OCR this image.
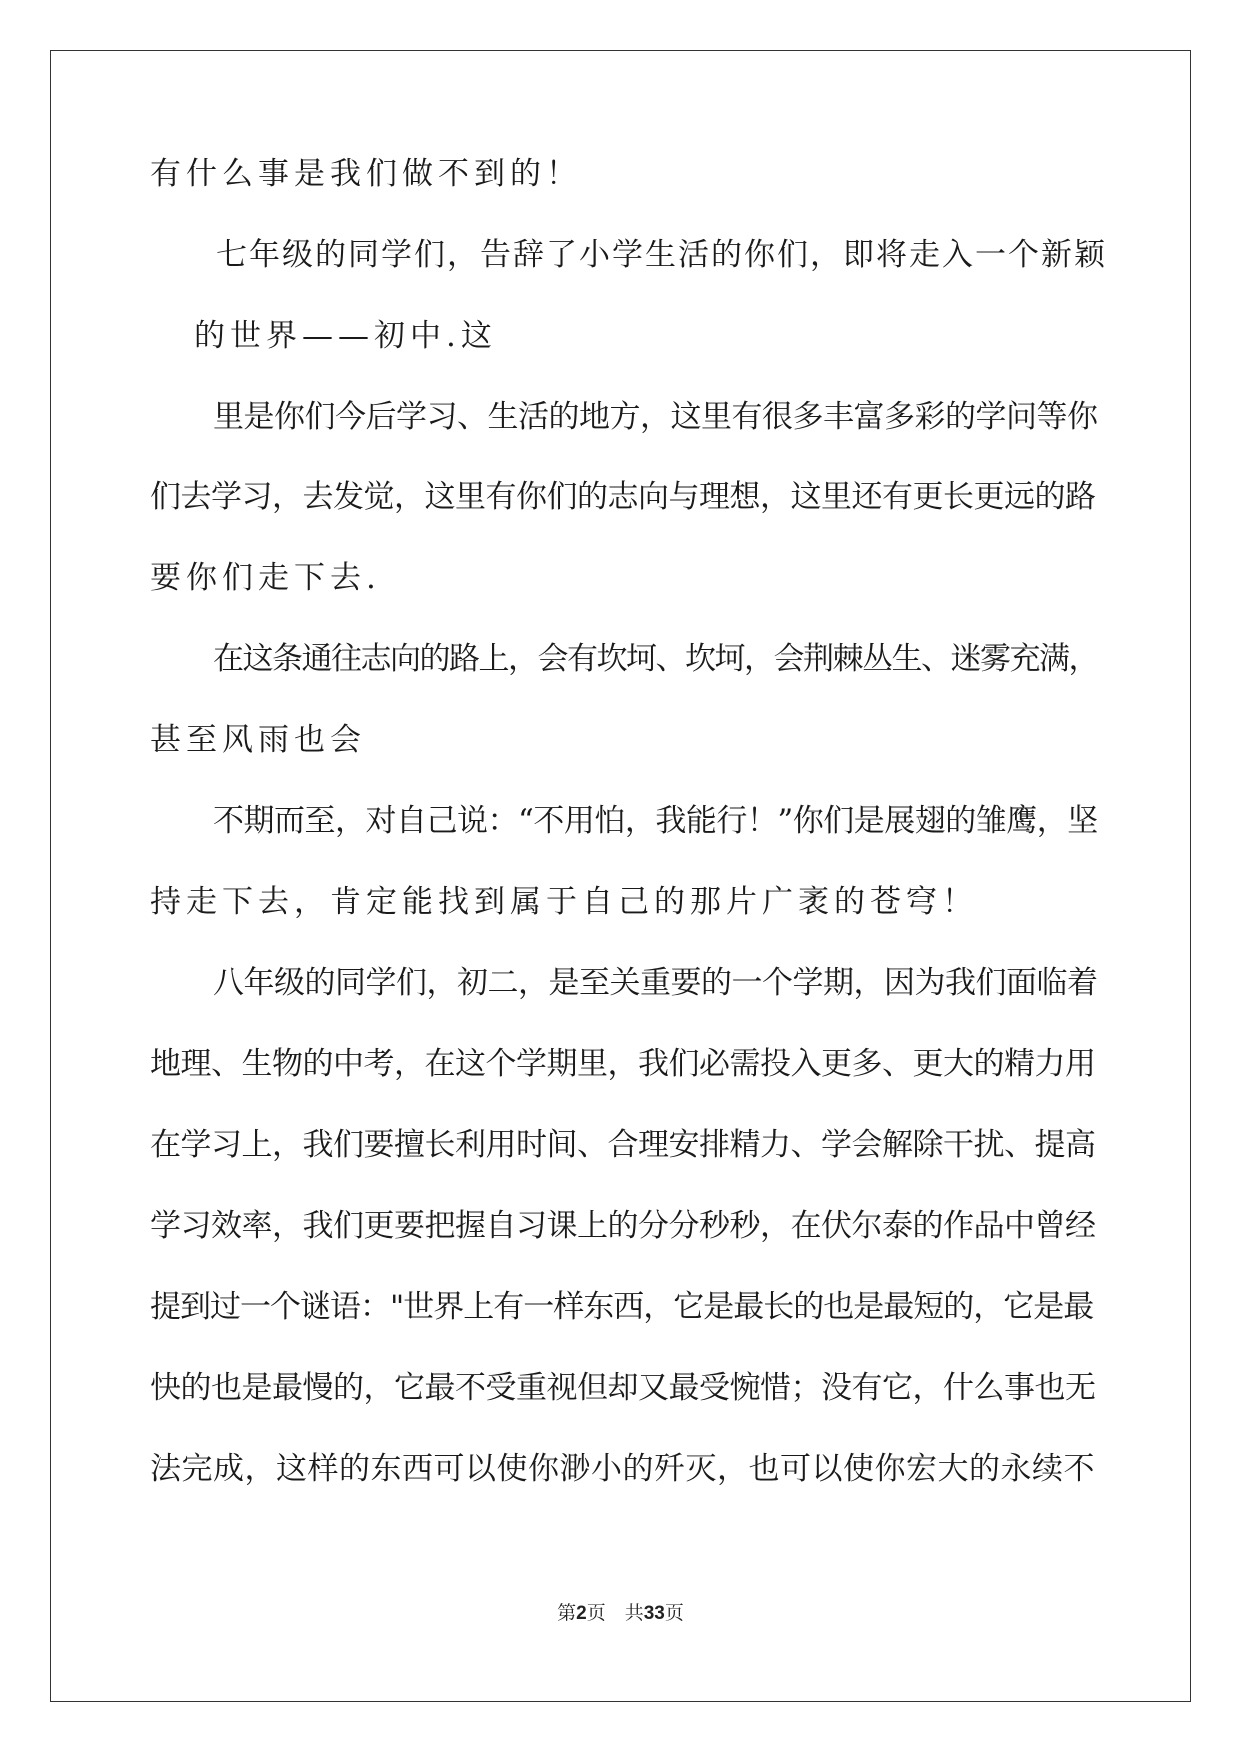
有什么事是我们做不到的！
七年级的同学们，告辞了小学生活的你们，即将走入一个新颖
的世界——初中.这
里是你们今后学习、生活的地方，这里有很多丰富多彩的学问等你
们去学习，去发觉，这里有你们的志向与理想，这里还有更长更远的路
要你们走下去.
在这条通往志向的路上，会有坎坷、坎坷，会荆棘丛生、迷雾充满，
甚至风雨也会
不期而至，对自己说：“不用怕，我能行！”你们是展翅的雏鹰，坚
持走下去，肯定能找到属于自己的那片广袤的苍穹！
八年级的同学们，初二，是至关重要的一个学期，因为我们面临着
地理、生物的中考，在这个学期里，我们必需投入更多、更大的精力用
在学习上，我们要擅长利用时间、合理安排精力、学会解除干扰、提高
学习效率，我们更要把握自习课上的分分秒秒，在伏尔泰的作品中曾经
提到过一个谜语："世界上有一样东西，它是最长的也是最短的，它是最
快的也是最慢的，它最不受重视但却又最受惋惜；没有它，什么事也无
法完成，这样的东西可以使你渺小的歼灭，也可以使你宏大的永续不
第2页　共33页
